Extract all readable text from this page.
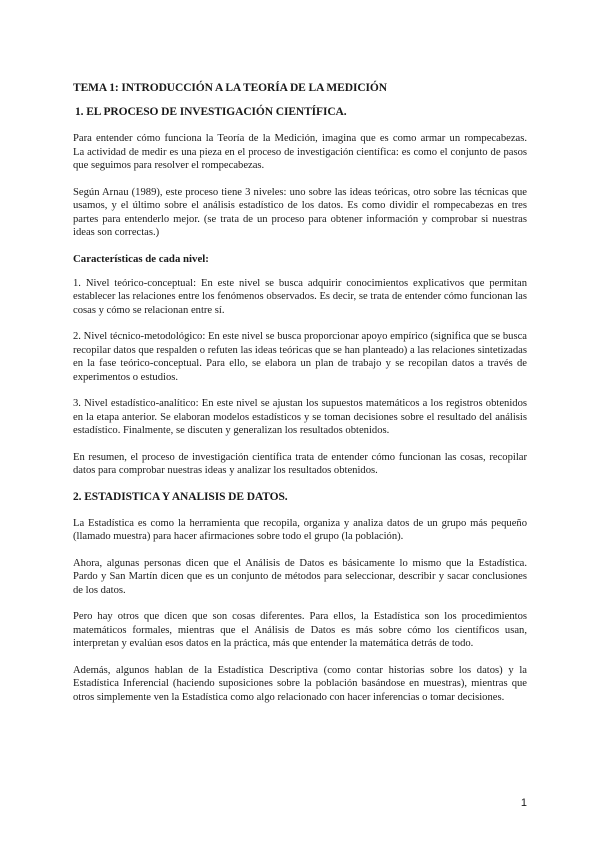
TEMA 1: INTRODUCCIÓN A LA TEORÍA DE LA MEDICIÓN
1. EL PROCESO DE INVESTIGACIÓN CIENTÍFICA.

Para entender cómo funciona la Teoría de la Medición, imagina que es como armar un rompecabezas.        La actividad de medir es una pieza en el proceso de investigación científica: es como el conjunto de pasos que seguimos para resolver el rompecabezas.

Según Arnau (1989), este proceso tiene 3 niveles: uno sobre las ideas teóricas, otro sobre las técnicas que usamos, y el último sobre el análisis estadístico de los datos. Es como dividir el rompecabezas en tres partes para entenderlo mejor. (se trata de un proceso para obtener información y comprobar si nuestras ideas son correctas.)

Características de cada nivel:

1. Nivel teórico-conceptual: En este nivel se busca adquirir conocimientos explicativos que permitan establecer las relaciones entre los fenómenos observados. Es decir, se trata de entender cómo funcionan las cosas y cómo se relacionan entre sí.

2. Nivel técnico-metodológico: En este nivel se busca proporcionar apoyo empírico (significa que se busca recopilar datos que respalden o refuten las ideas teóricas que se han planteado) a las relaciones sintetizadas en la fase teórico-conceptual. Para ello, se elabora un plan de trabajo y se recopilan datos a través de experimentos o estudios.

3. Nivel estadístico-analítico: En este nivel se ajustan los supuestos matemáticos a los registros obtenidos en la etapa anterior. Se elaboran modelos estadísticos y se toman decisiones sobre el resultado del análisis estadístico. Finalmente, se discuten y generalizan los resultados obtenidos.

En resumen, el proceso de investigación científica trata de entender cómo funcionan las cosas, recopilar datos para comprobar nuestras ideas y analizar los resultados obtenidos.

2. ESTADISTICA Y ANALISIS DE DATOS.

La Estadística es como la herramienta que recopila, organiza y analiza datos de un grupo más pequeño (llamado muestra) para hacer afirmaciones sobre todo el grupo (la población).

Ahora, algunas personas dicen que el Análisis de Datos es básicamente lo mismo que la Estadística.        Pardo y San Martín dicen que es un conjunto de métodos para seleccionar, describir y sacar conclusiones de los datos.

Pero hay otros que dicen que son cosas diferentes. Para ellos, la Estadística son los procedimientos matemáticos formales, mientras que el Análisis de Datos es más sobre cómo los científicos usan, interpretan y evalúan esos datos en la práctica, más que entender la matemática detrás de todo.

Además, algunos hablan de la Estadística Descriptiva (como contar historias sobre los datos) y la Estadística Inferencial (haciendo suposiciones sobre la población basándose en muestras), mientras que otros simplemente ven la Estadística como algo relacionado con hacer inferencias o tomar decisiones.

1
